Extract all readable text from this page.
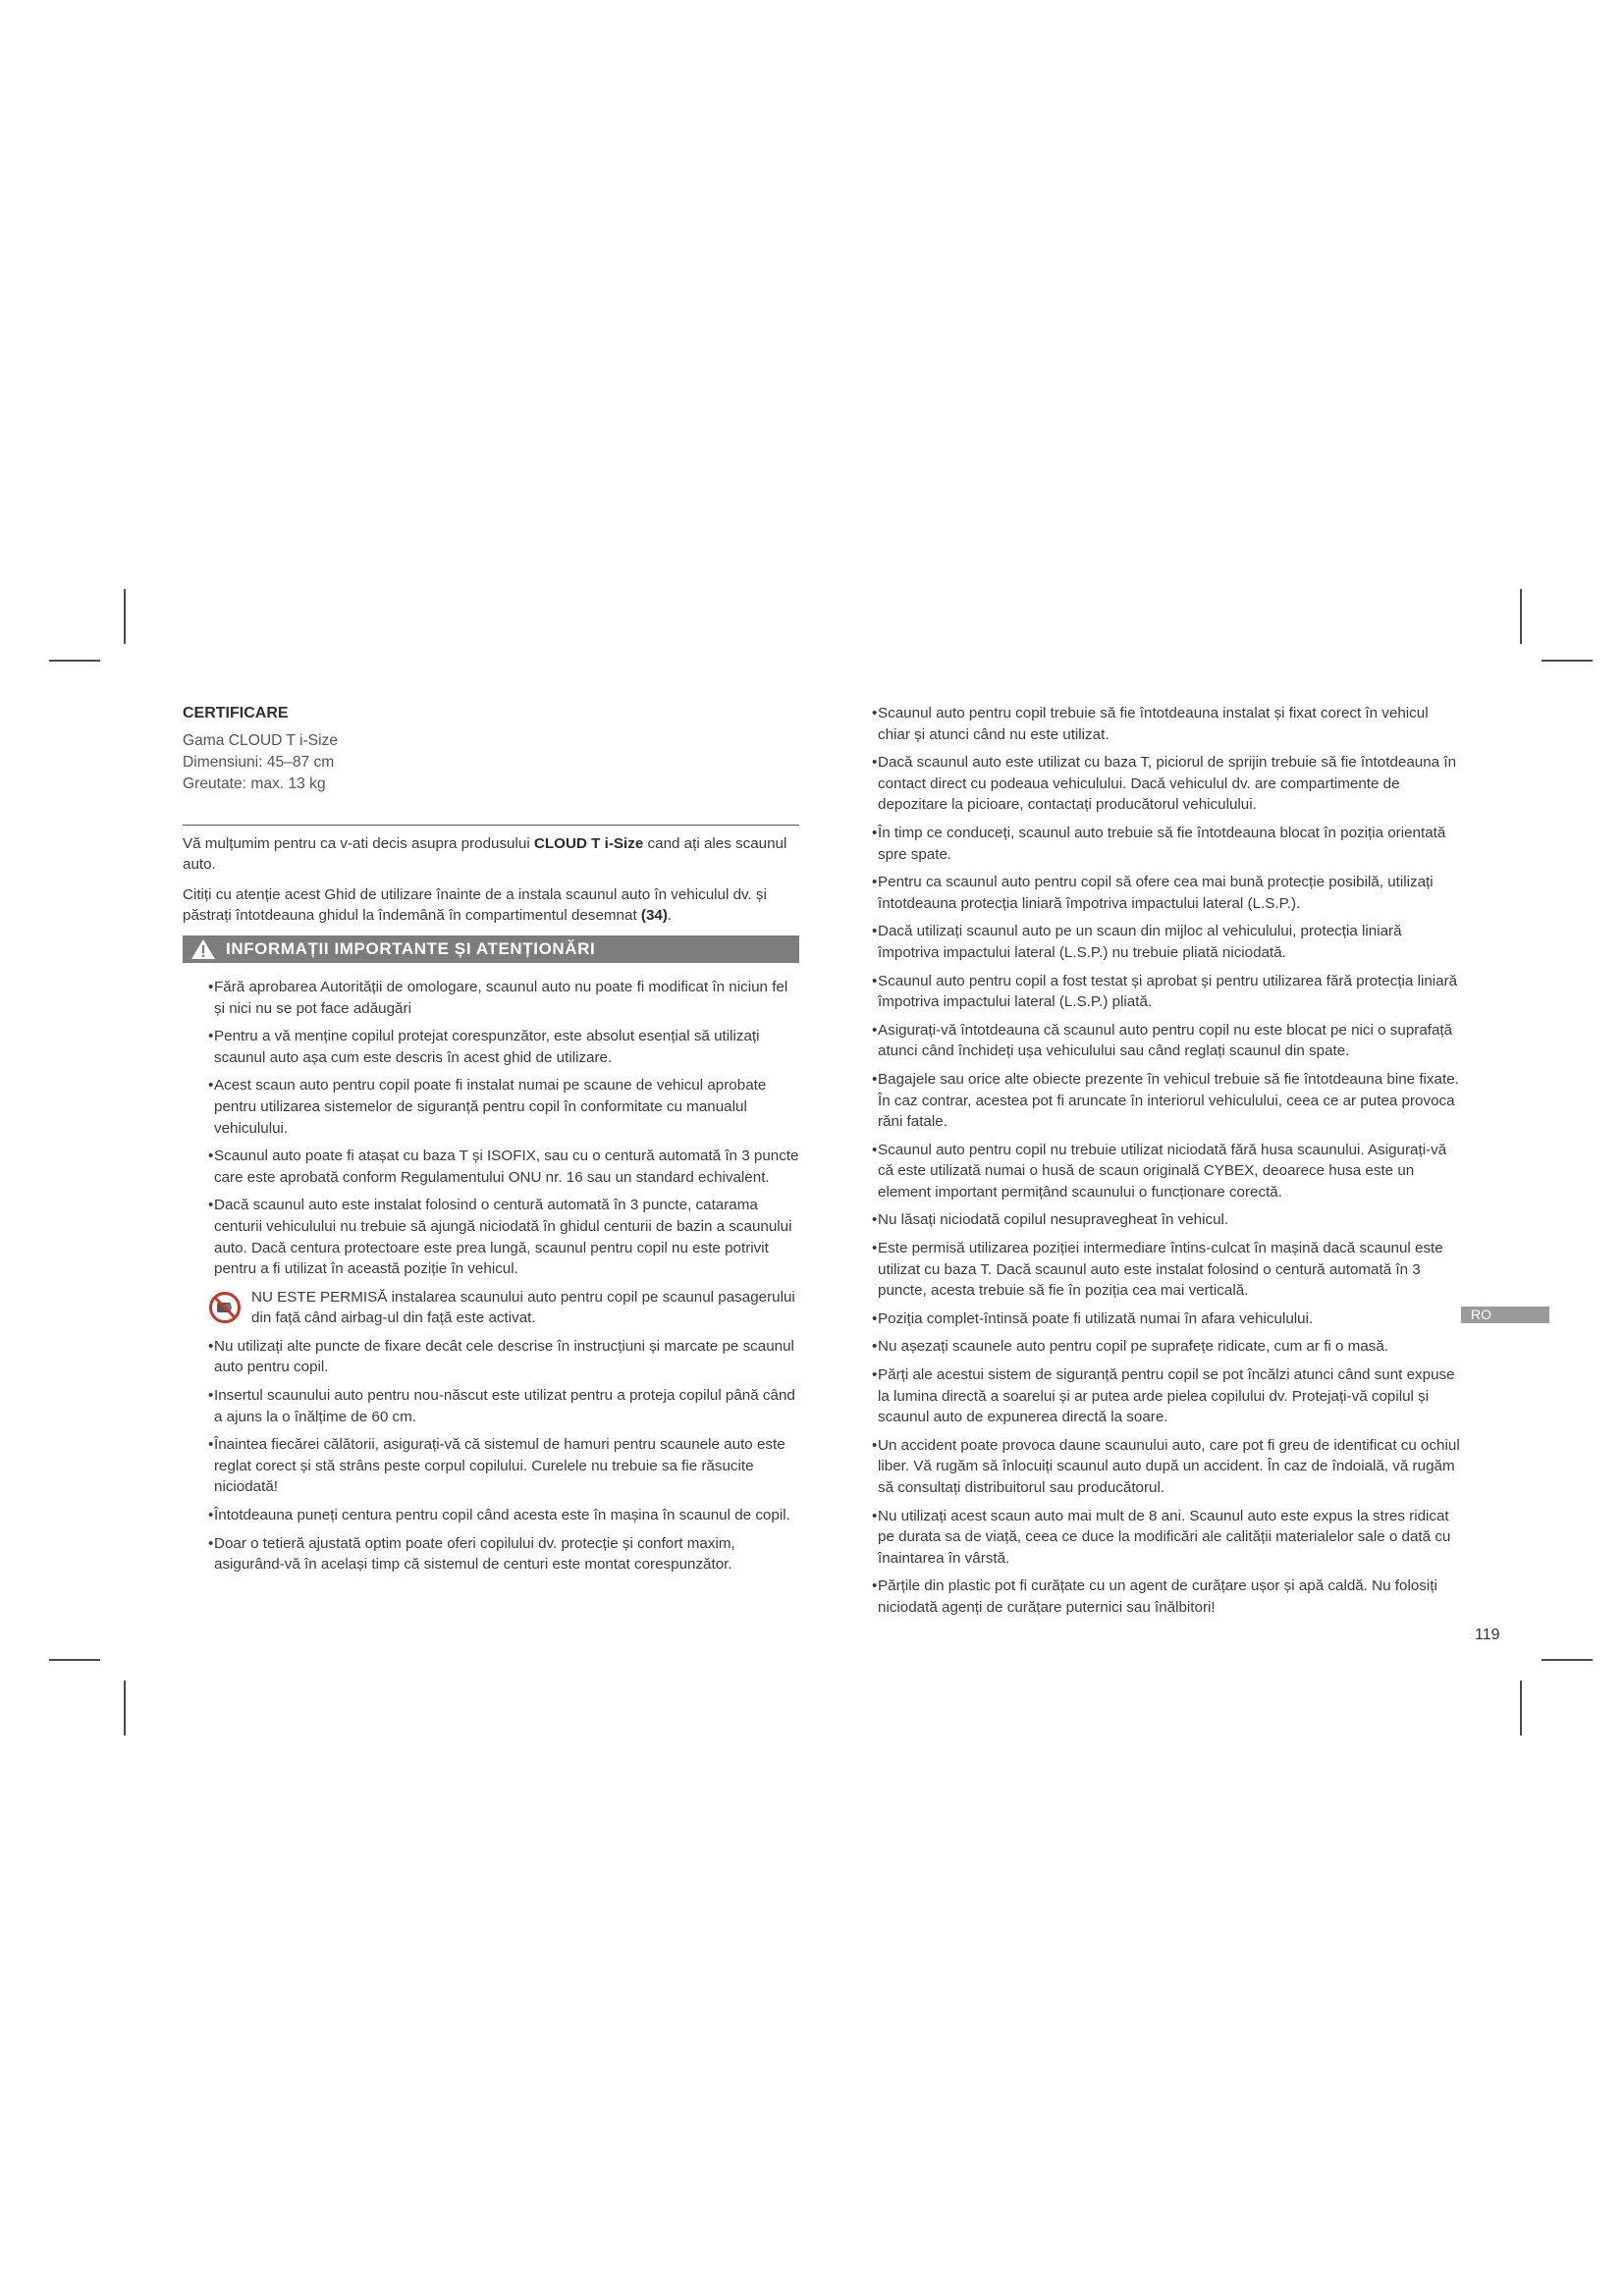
CERTIFICARE

Gama CLOUD T i-Size

Dimensiuni: 45–87 cm

Greutate: max. 13 kg

Vă mulțumim pentru ca v-ati decis asupra produsului CLOUD T i-Size cand ați ales scaunul auto.

Citiți cu atenție acest Ghid de utilizare înainte de a instala scaunul auto în vehiculul dv. și păstrați întotdeauna ghidul la îndemână în compartimentul desemnat (34).

INFORMAȚII IMPORTANTE ȘI ATENȚIONĂRI
• Fără aprobarea Autorității de omologare, scaunul auto nu poate fi modificat în niciun fel și nici nu se pot face adăugări
• Pentru a vă menține copilul protejat corespunzător, este absolut esențial să utilizați scaunul auto așa cum este descris în acest ghid de utilizare.
• Acest scaun auto pentru copil poate fi instalat numai pe scaune de vehicul aprobate pentru utilizarea sistemelor de siguranță pentru copil în conformitate cu manualul vehiculului.
• Scaunul auto poate fi atașat cu baza T și ISOFIX, sau cu o centură automată în 3 puncte care este aprobată conform Regulamentului ONU nr. 16 sau un standard echivalent.
• Dacă scaunul auto este instalat folosind o centură automată în 3 puncte, catarama centurii vehiculului nu trebuie să ajungă niciodată în ghidul centurii de bazin a scaunului auto. Dacă centura protectoare este prea lungă, scaunul pentru copil nu este potrivit pentru a fi utilizat în această poziție în vehicul.
NU ESTE PERMISĂ instalarea scaunului auto pentru copil pe scaunul pasagerului din față când airbag-ul din față este activat.
• Nu utilizați alte puncte de fixare decât cele descrise în instrucțiuni și marcate pe scaunul auto pentru copil.
• Insertul scaunului auto pentru nou-născut este utilizat pentru a proteja copilul până când a ajuns la o înălțime de 60 cm.
• Înaintea fiecărei călătorii, asigurați-vă că sistemul de hamuri pentru scaunele auto este reglat corect și stă strâns peste corpul copilului. Curelele nu trebuie sa fie răsucite niciodată!
• Întotdeauna puneți centura pentru copil când acesta este în mașina în scaunul de copil.
• Doar o tetieră ajustată optim poate oferi copilului dv. protecție și confort maxim, asigurând-vă în același timp că sistemul de centuri este montat corespunzător.
• Scaunul auto pentru copil trebuie să fie întotdeauna instalat și fixat corect în vehicul chiar și atunci când nu este utilizat.
• Dacă scaunul auto este utilizat cu baza T, piciorul de sprijin trebuie să fie întotdeauna în contact direct cu podeaua vehiculului. Dacă vehiculul dv. are compartimente de depozitare la picioare, contactați producătorul vehiculului.
• În timp ce conduceți, scaunul auto trebuie să fie întotdeauna blocat în poziția orientată spre spate.
• Pentru ca scaunul auto pentru copil să ofere cea mai bună protecție posibilă, utilizați întotdeauna protecția liniară împotriva impactului lateral (L.S.P.).
• Dacă utilizați scaunul auto pe un scaun din mijloc al vehiculului, protecția liniară împotriva impactului lateral (L.S.P.) nu trebuie pliată niciodată.
• Scaunul auto pentru copil a fost testat și aprobat și pentru utilizarea fără protecția liniară împotriva impactului lateral (L.S.P.) pliată.
• Asigurați-vă întotdeauna că scaunul auto pentru copil nu este blocat pe nici o suprafață atunci când închideți ușa vehiculului sau când reglați scaunul din spate.
• Bagajele sau orice alte obiecte prezente în vehicul trebuie să fie întotdeauna bine fixate. În caz contrar, acestea pot fi aruncate în interiorul vehiculului, ceea ce ar putea provoca răni fatale.
• Scaunul auto pentru copil nu trebuie utilizat niciodată fără husa scaunului. Asigurați-vă că este utilizată numai o husă de scaun originală CYBEX, deoarece husa este un element important permițând scaunului o funcționare corectă.
• Nu lăsați niciodată copilul nesupravegheat în vehicul.
• Este permisă utilizarea poziției intermediare întins-culcat în mașină dacă scaunul este utilizat cu baza T. Dacă scaunul auto este instalat folosind o centură automată în 3 puncte, acesta trebuie să fie în poziția cea mai verticală.
• Poziția complet-întinsă poate fi utilizată numai în afara vehiculului.
• Nu așezați scaunele auto pentru copil pe suprafețe ridicate, cum ar fi o masă.
• Părți ale acestui sistem de siguranță pentru copil se pot încălzi atunci când sunt expuse la lumina directă a soarelui și ar putea arde pielea copilului dv. Protejați-vă copilul și scaunul auto de expunerea directă la soare.
• Un accident poate provoca daune scaunului auto, care pot fi greu de identificat cu ochiul liber. Vă rugăm să înlocuiți scaunul auto după un accident. În caz de îndoială, vă rugăm să consultați distribuitorul sau producătorul.
• Nu utilizați acest scaun auto mai mult de 8 ani. Scaunul auto este expus la stres ridicat pe durata sa de viață, ceea ce duce la modificări ale calității materialelor sale o dată cu înaintarea în vârstă.
• Părțile din plastic pot fi curățate cu un agent de curățare ușor și apă caldă. Nu folosiți niciodată agenți de curățare puternici sau înălbitori!
RO
119
